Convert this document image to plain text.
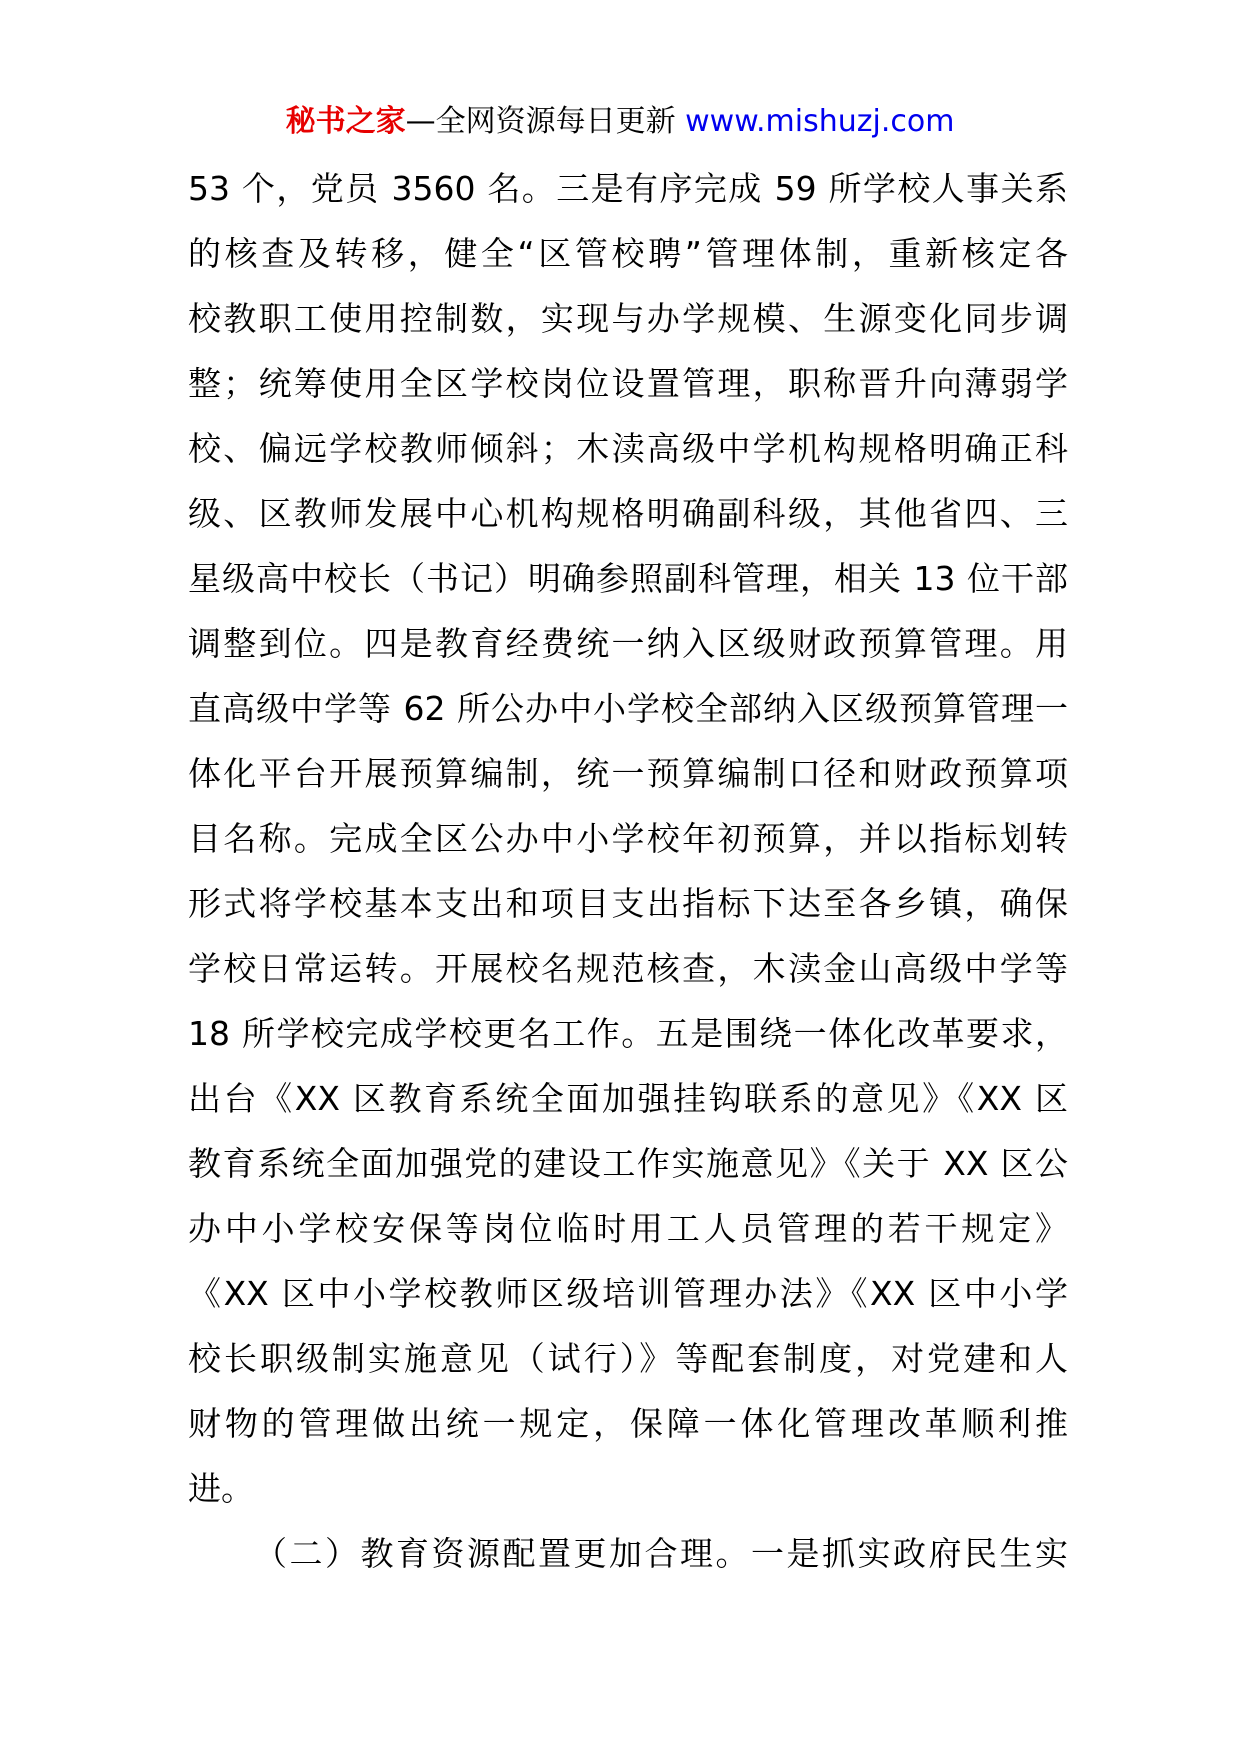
秘书之家—全网资源每日更新 www.mishuzj.com
53 个，党员 3560 名。三是有序完成 59 所学校人事关系
的核查及转移，健全“区管校聘”管理体制，重新核定各
校教职工使用控制数，实现与办学规模、生源变化同步调
整；统筹使用全区学校岗位设置管理，职称晋升向薄弱学
校、偏远学校教师倾斜；木渎高级中学机构规格明确正科
级、区教师发展中心机构规格明确副科级，其他省四、三
星级高中校长（书记）明确参照副科管理，相关 13 位干部
调整到位。四是教育经费统一纳入区级财政预算管理。用
直高级中学等 62 所公办中小学校全部纳入区级预算管理一
体化平台开展预算编制，统一预算编制口径和财政预算项
目名称。完成全区公办中小学校年初预算，并以指标划转
形式将学校基本支出和项目支出指标下达至各乡镇，确保
学校日常运转。开展校名规范核查，木渎金山高级中学等
18 所学校完成学校更名工作。五是围绕一体化改革要求，
出台《XX 区教育系统全面加强挂钩联系的意见》《XX 区
教育系统全面加强党的建设工作实施意见》《关于 XX 区公
办中小学校安保等岗位临时用工人员管理的若干规定》
《XX 区中小学校教师区级培训管理办法》《XX 区中小学
校长职级制实施意见（试行）》等配套制度，对党建和人
财物的管理做出统一规定，保障一体化管理改革顺利推
进。
（二）教育资源配置更加合理。一是抓实政府民生实
